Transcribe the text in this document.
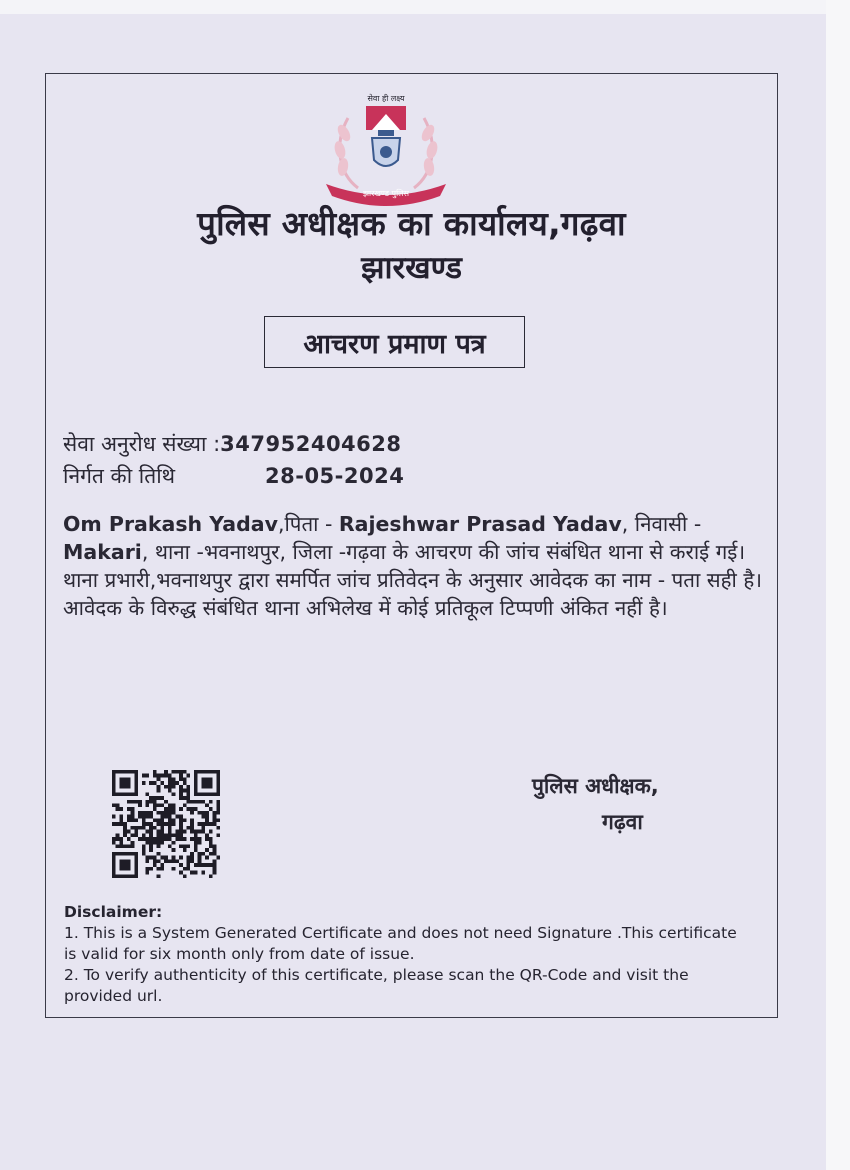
सेवा ही लक्ष्य
झारखण्ड पुलिस
पुलिस अधीक्षक का कार्यालय,गढ़वा
झारखण्ड
आचरण प्रमाण पत्र
सेवा अनुरोध संख्या :347952404628
निर्गत की तिथि	28-05-2024
Om Prakash Yadav,पिता - Rajeshwar Prasad Yadav, निवासी - Makari, थाना -भवनाथपुर, जिला -गढ़वा के आचरण की जांच संबंधित थाना से कराई गई। थाना प्रभारी,भवनाथपुर द्वारा समर्पित जांच प्रतिवेदन के अनुसार आवेदक का नाम - पता सही है। आवेदक के विरुद्ध संबंधित थाना अभिलेख में कोई प्रतिकूल टिप्पणी अंकित नहीं है।
पुलिस अधीक्षक,
गढ़वा
Disclaimer:
1. This is a System Generated Certificate and does not need Signature .This certificate is valid for six month only from date of issue.
2. To verify authenticity of this certificate, please scan the QR-Code and visit the provided url.
